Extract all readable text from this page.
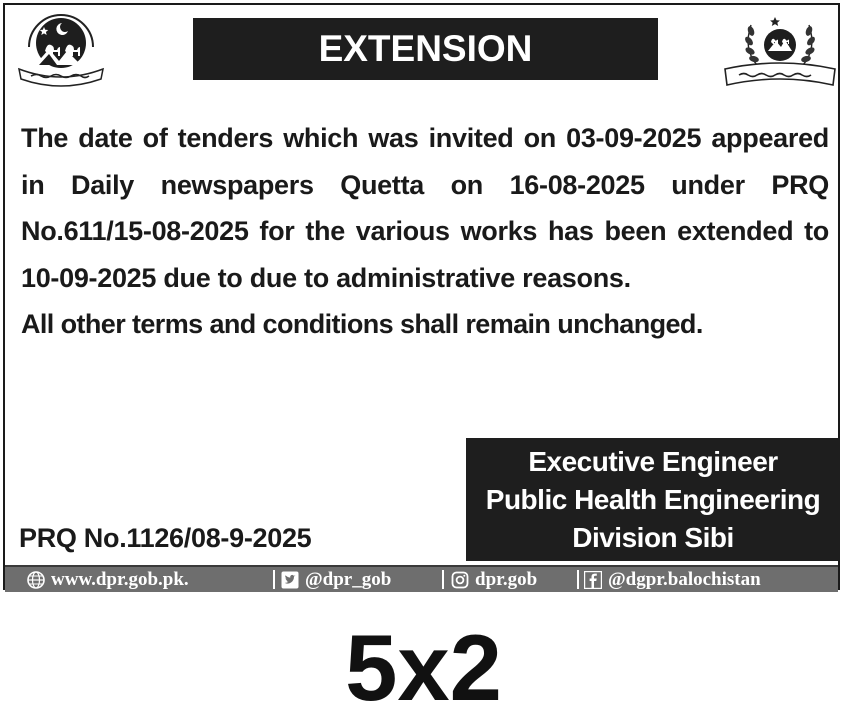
EXTENSION

The date of tenders which was invited on 03-09-2025 appeared in Daily newspapers Quetta on 16-08-2025 under PRQ No.611/15-08-2025 for the various works has been extended to 10-09-2025 due to due to administrative reasons.

All other terms and conditions shall remain unchanged.

Executive Engineer
Public Health Engineering
Division Sibi
PRQ No.1126/08-9-2025
www.dpr.gob.pk.	@dpr_gob	dpr.gob	@dgpr.balochistan
5x2
